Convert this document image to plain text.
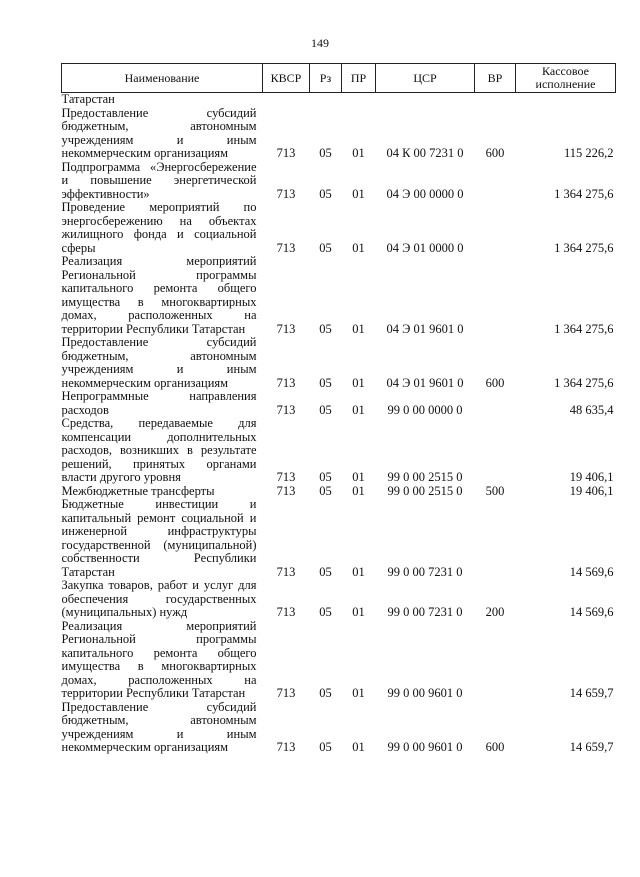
149
Наименование	КВСР	Рз	ПР	ЦСР	ВР	Кассовое исполнение
Татарстан						
Предоставление субсидий бюджетным, автономным учреждениям и иным некоммерческим организациям	713	05	01	04 К 00 7231 0	600	115 226,2
Подпрограмма «Энергосбережение и повышение энергетической эффективности»	713	05	01	04 Э 00 0000 0		1 364 275,6
Проведение мероприятий по энергосбережению на объектах жилищного фонда и социальной сферы	713	05	01	04 Э 01 0000 0		1 364 275,6
Реализация мероприятий Региональной программы капитального ремонта общего имущества в многоквартирных домах, расположенных на территории Республики Татарстан	713	05	01	04 Э 01 9601 0		1 364 275,6
Предоставление субсидий бюджетным, автономным учреждениям и иным некоммерческим организациям	713	05	01	04 Э 01 9601 0	600	1 364 275,6
Непрограммные направления расходов	713	05	01	99 0 00 0000 0		48 635,4
Средства, передаваемые для компенсации дополнительных расходов, возникших в результате решений, принятых органами власти другого уровня	713	05	01	99 0 00 2515 0		19 406,1
Межбюджетные трансферты	713	05	01	99 0 00 2515 0	500	19 406,1
Бюджетные инвестиции и капитальный ремонт социальной и инженерной инфраструктуры государственной (муниципальной) собственности Республики Татарстан	713	05	01	99 0 00 7231 0		14 569,6
Закупка товаров, работ и услуг для обеспечения государственных (муниципальных) нужд	713	05	01	99 0 00 7231 0	200	14 569,6
Реализация мероприятий Региональной программы капитального ремонта общего имущества в многоквартирных домах, расположенных на территории Республики Татарстан	713	05	01	99 0 00 9601 0		14 659,7
Предоставление субсидий бюджетным, автономным учреждениям и иным некоммерческим организациям	713	05	01	99 0 00 9601 0	600	14 659,7
